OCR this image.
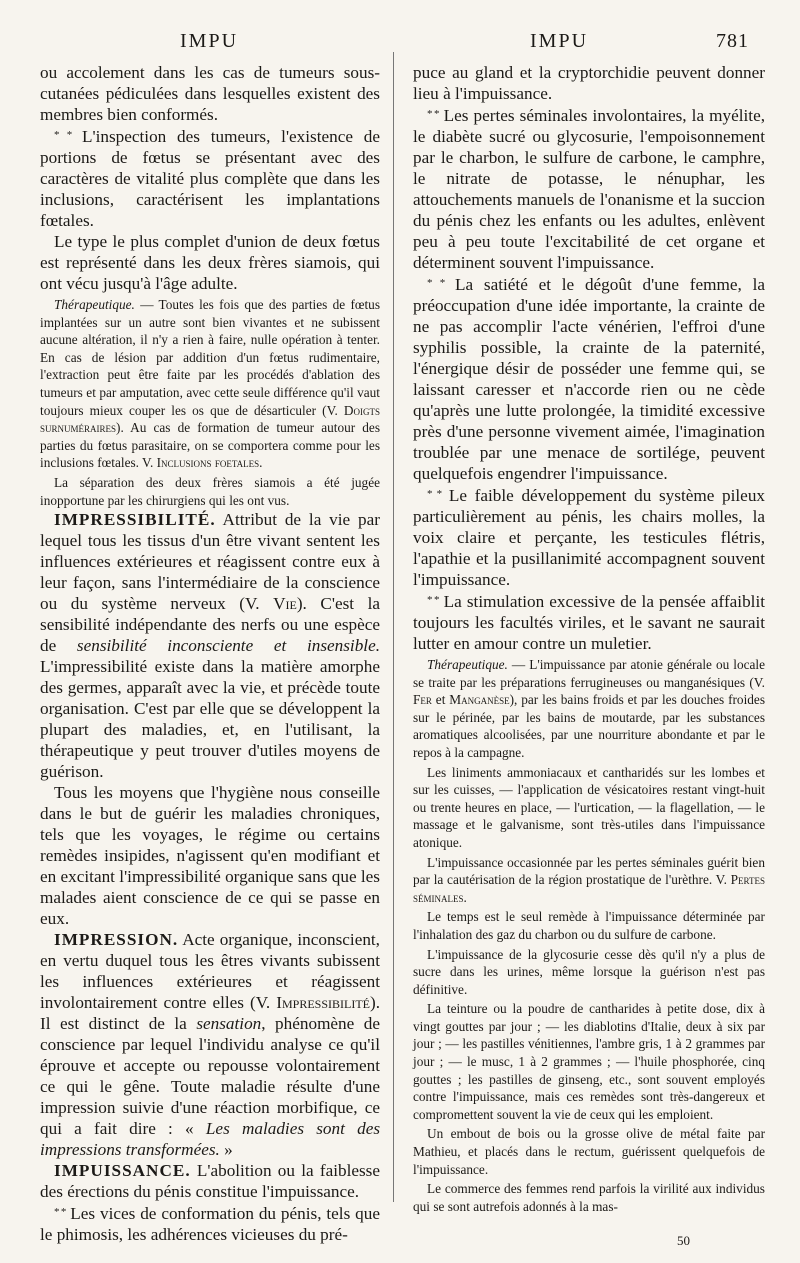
IMPU	IMPU	781

ou accolement dans les cas de tumeurs sous-cutanées pédiculées dans lesquelles existent des membres bien conformés.

* * L'inspection des tumeurs, l'existence de portions de fœtus se présentant avec des caractères de vitalité plus complète que dans les inclusions, caractérisent les implantations fœtales.

Le type le plus complet d'union de deux fœtus est représenté dans les deux frères siamois, qui ont vécu jusqu'à l'âge adulte.

Thérapeutique. — Toutes les fois que des parties de fœtus implantées sur un autre sont bien vivantes et ne subissent aucune altération, il n'y a rien à faire, nulle opération à tenter. En cas de lésion par addition d'un fœtus rudimentaire, l'extraction peut être faite par les procédés d'ablation des tumeurs et par amputation, avec cette seule différence qu'il vaut toujours mieux couper les os que de désarticuler (V. Doigts surnuméraires). Au cas de formation de tumeur autour des parties du fœtus parasitaire, on se comportera comme pour les inclusions fœtales. V. Inclusions foetales.

La séparation des deux frères siamois a été jugée inopportune par les chirurgiens qui les ont vus.

IMPRESSIBILITÉ. Attribut de la vie par lequel tous les tissus d'un être vivant sentent les influences extérieures et réagissent contre eux à leur façon, sans l'intermédiaire de la conscience ou du système nerveux (V. Vie). C'est la sensibilité indépendante des nerfs ou une espèce de sensibilité inconsciente et insensible. L'impressibilité existe dans la matière amorphe des germes, apparaît avec la vie, et précède toute organisation. C'est par elle que se développent la plupart des maladies, et, en l'utilisant, la thérapeutique y peut trouver d'utiles moyens de guérison.

Tous les moyens que l'hygiène nous conseille dans le but de guérir les maladies chroniques, tels que les voyages, le régime ou certains remèdes insipides, n'agissent qu'en modifiant et en excitant l'impressibilité organique sans que les malades aient conscience de ce qui se passe en eux.

IMPRESSION. Acte organique, inconscient, en vertu duquel tous les êtres vivants subissent les influences extérieures et réagissent involontairement contre elles (V. Impressibilité). Il est distinct de la sensation, phénomène de conscience par lequel l'individu analyse ce qu'il éprouve et accepte ou repousse volontairement ce qui le gêne. Toute maladie résulte d'une impression suivie d'une réaction morbifique, ce qui a fait dire : « Les maladies sont des impressions transformées. »

IMPUISSANCE. L'abolition ou la faiblesse des érections du pénis constitue l'impuissance.

* * Les vices de conformation du pénis, tels que le phimosis, les adhérences vicieuses du pré-

puce au gland et la cryptorchidie peuvent donner lieu à l'impuissance.

* * Les pertes séminales involontaires, la myélite, le diabète sucré ou glycosurie, l'empoisonnement par le charbon, le sulfure de carbone, le camphre, le nitrate de potasse, le nénuphar, les attouchements manuels de l'onanisme et la succion du pénis chez les enfants ou les adultes, enlèvent peu à peu toute l'excitabilité de cet organe et déterminent souvent l'impuissance.

* * La satiété et le dégoût d'une femme, la préoccupation d'une idée importante, la crainte de ne pas accomplir l'acte vénérien, l'effroi d'une syphilis possible, la crainte de la paternité, l'énergique désir de posséder une femme qui, se laissant caresser et n'accorde rien ou ne cède qu'après une lutte prolongée, la timidité excessive près d'une personne vivement aimée, l'imagination troublée par une menace de sortilége, peuvent quelquefois engendrer l'impuissance.

* * Le faible développement du système pileux particulièrement au pénis, les chairs molles, la voix claire et perçante, les testicules flétris, l'apathie et la pusillanimité accompagnent souvent l'impuissance.

* * La stimulation excessive de la pensée affaiblit toujours les facultés viriles, et le savant ne saurait lutter en amour contre un muletier.

Thérapeutique. — L'impuissance par atonie générale ou locale se traite par les préparations ferrugineuses ou manganésiques (V. Fer et Manganèse), par les bains froids et par les douches froides sur le périnée, par les bains de moutarde, par les substances aromatiques alcoolisées, par une nourriture abondante et par le repos à la campagne.

Les liniments ammoniacaux et cantharidés sur les lombes et sur les cuisses, — l'application de vésicatoires restant vingt-huit ou trente heures en place, — l'urtication, — la flagellation, — le massage et le galvanisme, sont très-utiles dans l'impuissance atonique.

L'impuissance occasionnée par les pertes séminales guérit bien par la cautérisation de la région prostatique de l'urèthre. V. Pertes séminales.

Le temps est le seul remède à l'impuissance déterminée par l'inhalation des gaz du charbon ou du sulfure de carbone.

L'impuissance de la glycosurie cesse dès qu'il n'y a plus de sucre dans les urines, même lorsque la guérison n'est pas définitive.

La teinture ou la poudre de cantharides à petite dose, dix à vingt gouttes par jour ; — les diablotins d'Italie, deux à six par jour ; — les pastilles vénitiennes, l'ambre gris, 1 à 2 grammes par jour ; — le musc, 1 à 2 grammes ; — l'huile phosphorée, cinq gouttes ; les pastilles de ginseng, etc., sont souvent employés contre l'impuissance, mais ces remèdes sont très-dangereux et compromettent souvent la vie de ceux qui les emploient.

Un embout de bois ou la grosse olive de métal faite par Mathieu, et placés dans le rectum, guérissent quelquefois de l'impuissance.

Le commerce des femmes rend parfois la virilité aux individus qui se sont autrefois adonnés à la mas-

50
